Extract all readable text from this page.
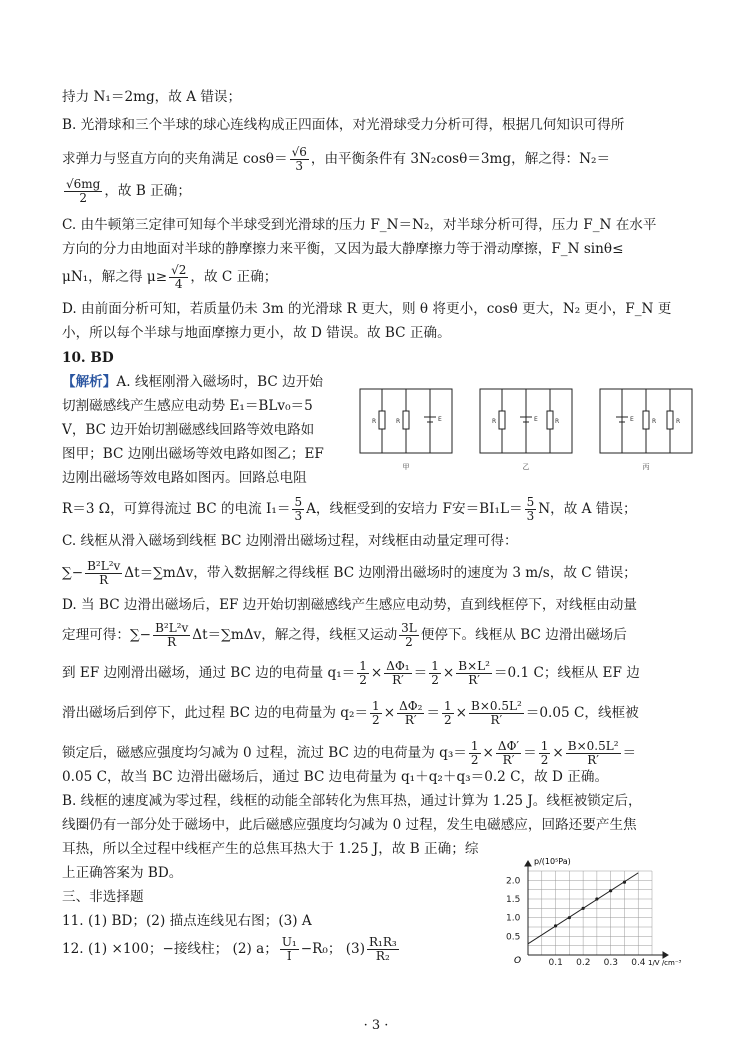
持力 N₁＝2mg，故 A 错误；
B. 光滑球和三个半球的球心连线构成正四面体，对光滑球受力分析可得，根据几何知识可得所
求弹力与竖直方向的夹角满足 $\cos\theta= \frac{√6}{3}$ ，由平衡条件有 3N₂cosθ＝3mg，解之得：N₂＝
$\frac{√6mg}{2}$ ，故 B 正确；
C. 由牛顿第三定律可知每个半球受到光滑球的压力 F_N＝N₂，对半球分析可得，压力 F_N 在水平
方向的分力由地面对半球的静摩擦力来平衡，又因为最大静摩擦力等于滑动摩擦，F_N sinθ≤
μN₁，解之得 $\mu\ge \frac{√2}{4}$ ，故 C 正确；
D. 由前面分析可知，若质量仍未 3m 的光滑球 R 更大，则 θ 将更小，cosθ 更大，N₂ 更小，F_N 更
小，所以每个半球与地面摩擦力更小，故 D 错误。故 BC 正确。
10. BD
【解析】A. 线框刚滑入磁场时，BC 边开始
切割磁感线产生感应电动势 E₁＝BLv₀＝5
V，BC 边开始切割磁感线回路等效电路如
图甲；BC 边刚出磁场等效电路如图乙；EF
边刚出磁场等效电路如图丙。回路总电阻
R＝3 Ω，可算得流过 BC 的电流 $I_1= \frac{5}{3}$ A，线框受到的安培力 F安$=BI_1L= \frac{5}{3}$ N，故 A 错误；
C. 线框从滑入磁场到线框 BC 边刚滑出磁场过程，对线框由动量定理可得：
∑− $\frac{\text{B²L²v}}{R} \Delta t=\sum m\Delta v$，带入数据解之得线框 BC 边刚滑出磁场时的速度为 3 m/s，故 C 错误；
D. 当 BC 边滑出磁场后，EF 边开始切割磁感线产生感应电动势，直到线框停下，对线框由动量
定理可得：∑− $\frac{\text{B²L²v}}{R} \Delta t=\sum m\Delta v$，解之得，线框又运动 $\frac{3L}{2}$ 便停下。线框从 BC 边滑出磁场后
到 EF 边刚滑出磁场，通过 BC 边的电荷量 $q_1= \frac{1}{2} \times \frac{\text{ΔΦ₁}}{R'} = \frac{1}{2} \times \frac{\text{B×L²}}{R'} =0.1$ C；线框从 EF 边
滑出磁场后到停下，此过程 BC 边的电荷量为 $q_2= \frac{1}{2} \times \frac{\text{ΔΦ₂}}{R'} = \frac{1}{2} \times \frac{\text{B×0.5L²}}{R'} =0.05$ C，线框被
锁定后，磁感应强度均匀减为 0 过程，流过 BC 边的电荷量为 $q_3= \frac{1}{2} \times \frac{\Delta\Phi'}{R'} = \frac{1}{2} \times \frac{\text{B×0.5L²}}{R'}$ ＝
0.05 C，故当 BC 边滑出磁场后，通过 BC 边电荷量为 q₁＋q₂＋q₃＝0.2 C，故 D 正确。
B. 线框的速度减为零过程，线框的动能全部转化为焦耳热，通过计算为 1.25 J。线框被锁定后，
线圈仍有一部分处于磁场中，此后磁感应强度均匀减为 0 过程，发生电磁感应，回路还要产生焦
耳热，所以全过程中线框产生的总焦耳热大于 1.25 J，故 B 正确；综
上正确答案为 BD。
三、非选择题
11. (1) BD；(2) 描点连线见右图；(3) A
12. (1) ×100；−接线柱； (2) a； $\frac{\text{U₁}}{I} -R_0$； $(3) \frac{\text{R₁R₃}}{\text{R₂}}$
R	R	E	R	E	R	E	R	R
甲	乙	丙
0.1 0.2 0.3 0.4
0.5
1.0
1.5
2.0
p/(10⁵Pa)
1/V /cm⁻³
O
· 3 ·
